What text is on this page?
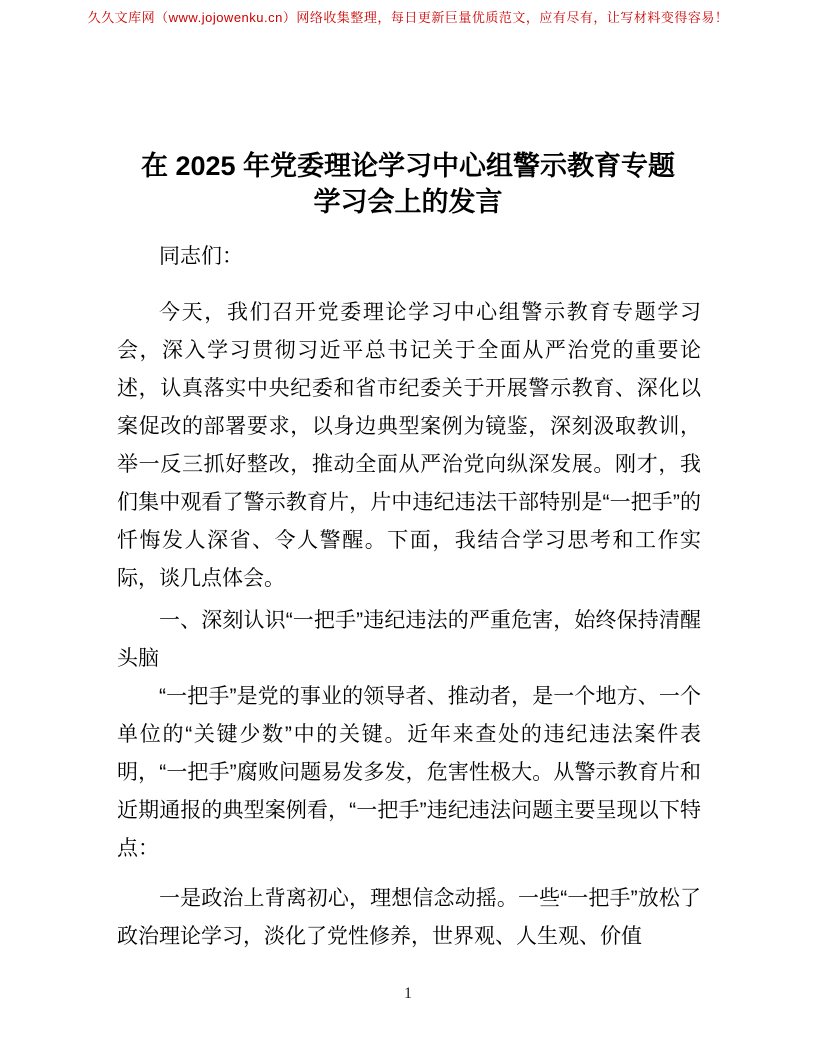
久久文库网（www.jojowenku.cn）网络收集整理，每日更新巨量优质范文，应有尽有，让写材料变得容易！
在 2025 年党委理论学习中心组警示教育专题
学习会上的发言

同志们：

今天，我们召开党委理论学习中心组警示教育专题学习会，深入学习贯彻习近平总书记关于全面从严治党的重要论述，认真落实中央纪委和省市纪委关于开展警示教育、深化以案促改的部署要求，以身边典型案例为镜鉴，深刻汲取教训，举一反三抓好整改，推动全面从严治党向纵深发展。刚才，我们集中观看了警示教育片，片中违纪违法干部特别是“一把手”的忏悔发人深省、令人警醒。下面，我结合学习思考和工作实际，谈几点体会。

一、深刻认识“一把手”违纪违法的严重危害，始终保持清醒头脑

“一把手”是党的事业的领导者、推动者，是一个地方、一个单位的“关键少数”中的关键。近年来查处的违纪违法案件表明，“一把手”腐败问题易发多发，危害性极大。从警示教育片和近期通报的典型案例看，“一把手”违纪违法问题主要呈现以下特点：

一是政治上背离初心，理想信念动摇。一些“一把手”放松了政治理论学习，淡化了党性修养，世界观、人生观、价值

1
